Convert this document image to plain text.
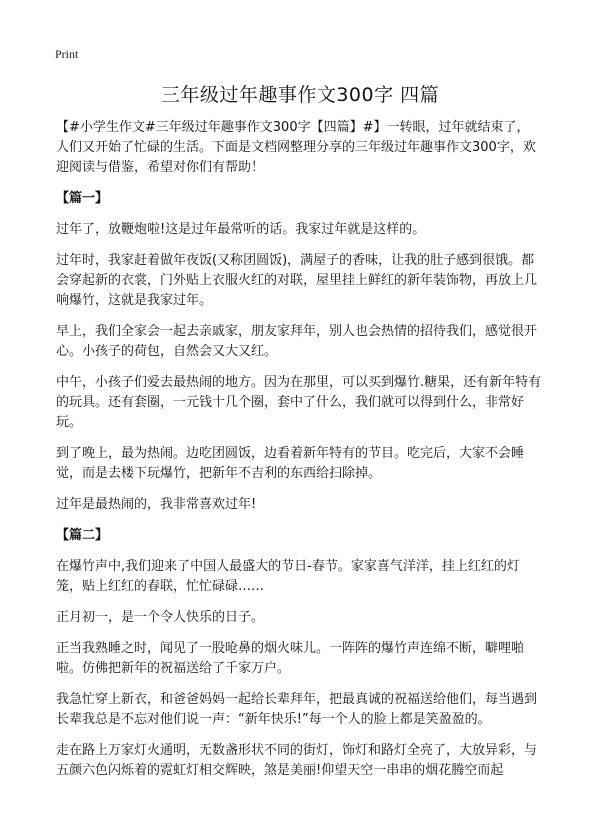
Print
三年级过年趣事作文300字 四篇

【#小学生作文#三年级过年趣事作文300字【四篇】#】一转眼，过年就结束了，人们又开始了忙碌的生活。下面是文档网整理分享的三年级过年趣事作文300字，欢迎阅读与借鉴，希望对你们有帮助！

【篇一】

过年了，放鞭炮啦!这是过年最常听的话。我家过年就是这样的。

过年时，我家赶着做年夜饭(又称团圆饭)，满屋子的香味，让我的肚子感到很饿。都会穿起新的衣裳，门外贴上衣服火红的对联，屋里挂上鲜红的新年装饰物，再放上几响爆竹，这就是我家过年。

早上，我们全家会一起去亲戚家，朋友家拜年，别人也会热情的招待我们，感觉很开心。小孩子的荷包，自然会又大又红。

中午，小孩子们爱去最热闹的地方。因为在那里，可以买到爆竹.糖果，还有新年特有的玩具。还有套圈，一元钱十几个圈，套中了什么，我们就可以得到什么，非常好玩。

到了晚上，最为热闹。边吃团圆饭，边看着新年特有的节目。吃完后，大家不会睡觉，而是去楼下玩爆竹，把新年不吉利的东西给扫除掉。

过年是最热闹的，我非常喜欢过年!

【篇二】

在爆竹声中,我们迎来了中国人最盛大的节日-春节。家家喜气洋洋，挂上红红的灯笼，贴上红红的春联，忙忙碌碌……

正月初一，是一个令人快乐的日子。

正当我熟睡之时，闻见了一股呛鼻的烟火味儿。一阵阵的爆竹声连绵不断，噼哩啪啦。仿佛把新年的祝福送给了千家万户。

我急忙穿上新衣，和爸爸妈妈一起给长辈拜年，把最真诚的祝福送给他们，每当遇到长辈我总是不忘对他们说一声：“新年快乐!”每一个人的脸上都是笑盈盈的。

走在路上万家灯火通明，无数盏形状不同的街灯，饰灯和路灯全亮了，大放异彩，与五颜六色闪烁着的霓虹灯相交辉映，煞是美丽!仰望天空一串串的烟花腾空而起
